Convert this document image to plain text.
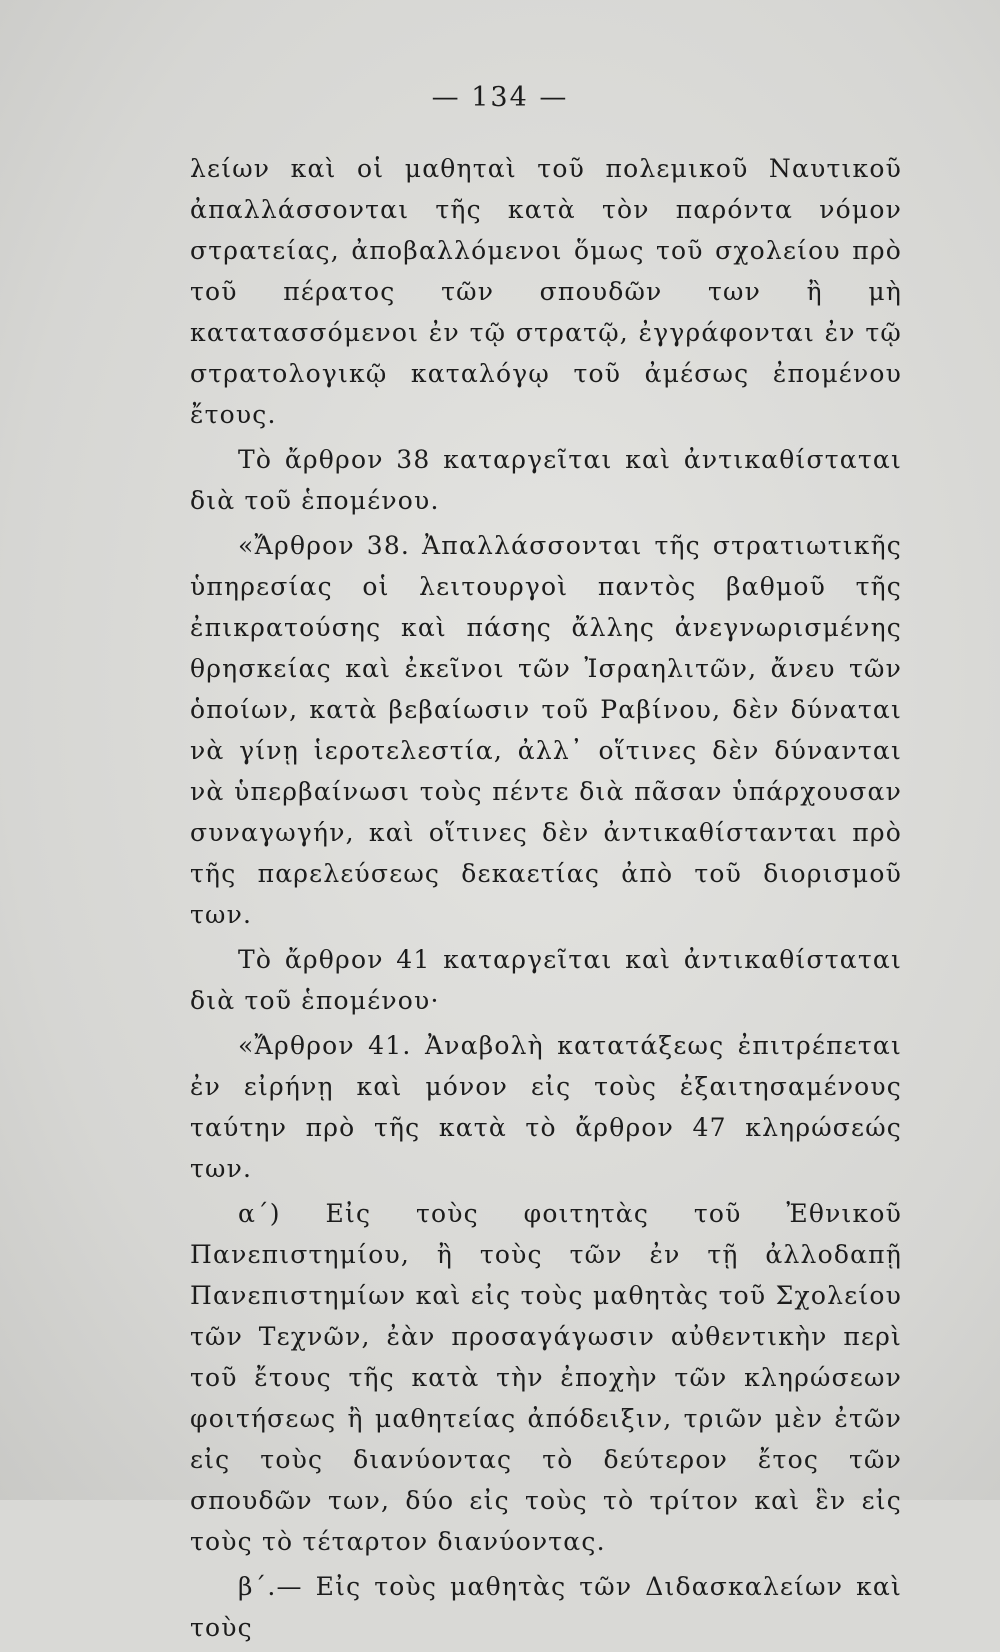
— 134 —

λείων καὶ οἱ μαθηταὶ τοῦ πολεμικοῦ Ναυτικοῦ ἀπαλλάσσονται τῆς κατὰ τὸν παρόντα νόμον στρατείας, ἀποβαλλόμενοι ὅμως τοῦ σχολείου πρὸ τοῦ πέρατος τῶν σπουδῶν των ἢ μὴ κατατασσόμενοι ἐν τῷ στρατῷ, ἐγγράφονται ἐν τῷ στρατολογικῷ καταλόγῳ τοῦ ἀμέσως ἐπομένου ἔτους.

Τὸ ἄρθρον 38 καταργεῖται καὶ ἀντικαθίσταται διὰ τοῦ ἑπομένου.

«Ἄρθρον 38. Ἀπαλλάσσονται τῆς στρατιωτικῆς ὑπηρεσίας οἱ λειτουργοὶ παντὸς βαθμοῦ τῆς ἐπικρατούσης καὶ πάσης ἄλλης ἀνεγνωρισμένης θρησκείας καὶ ἐκεῖνοι τῶν Ἰσραηλιτῶν, ἄνευ τῶν ὁποίων, κατὰ βεβαίωσιν τοῦ Ραβίνου, δὲν δύναται νὰ γίνῃ ἱεροτελεστία, ἀλλ᾽ οἵτινες δὲν δύνανται νὰ ὑπερβαίνωσι τοὺς πέντε διὰ πᾶσαν ὑπάρχουσαν συναγωγήν, καὶ οἵτινες δὲν ἀντικαθίστανται πρὸ τῆς παρελεύσεως δεκαετίας ἀπὸ τοῦ διορισμοῦ των.

Τὸ ἄρθρον 41 καταργεῖται καὶ ἀντικαθίσταται διὰ τοῦ ἑπομένου·

«Ἄρθρον 41. Ἀναβολὴ κατατάξεως ἐπιτρέπεται ἐν εἰρήνῃ καὶ μόνον εἰς τοὺς ἐξαιτησαμένους ταύτην πρὸ τῆς κατὰ τὸ ἄρθρον 47 κληρώσεώς των.

α΄) Εἰς τοὺς φοιτητὰς τοῦ Ἐθνικοῦ Πανεπιστημίου, ἢ τοὺς τῶν ἐν τῇ ἀλλοδαπῇ Πανεπιστημίων καὶ εἰς τοὺς μαθητὰς τοῦ Σχολείου τῶν Τεχνῶν, ἐὰν προσαγάγωσιν αὐθεντικὴν περὶ τοῦ ἔτους τῆς κατὰ τὴν ἐποχὴν τῶν κληρώσεων φοιτήσεως ἢ μαθητείας ἀπόδειξιν, τριῶν μὲν ἐτῶν εἰς τοὺς διανύοντας τὸ δεύτερον ἔτος τῶν σπουδῶν των, δύο εἰς τοὺς τὸ τρίτον καὶ ἓν εἰς τοὺς τὸ τέταρτον διανύοντας.

β΄.— Εἰς τοὺς μαθητὰς τῶν Διδασκαλείων καὶ τοὺς
